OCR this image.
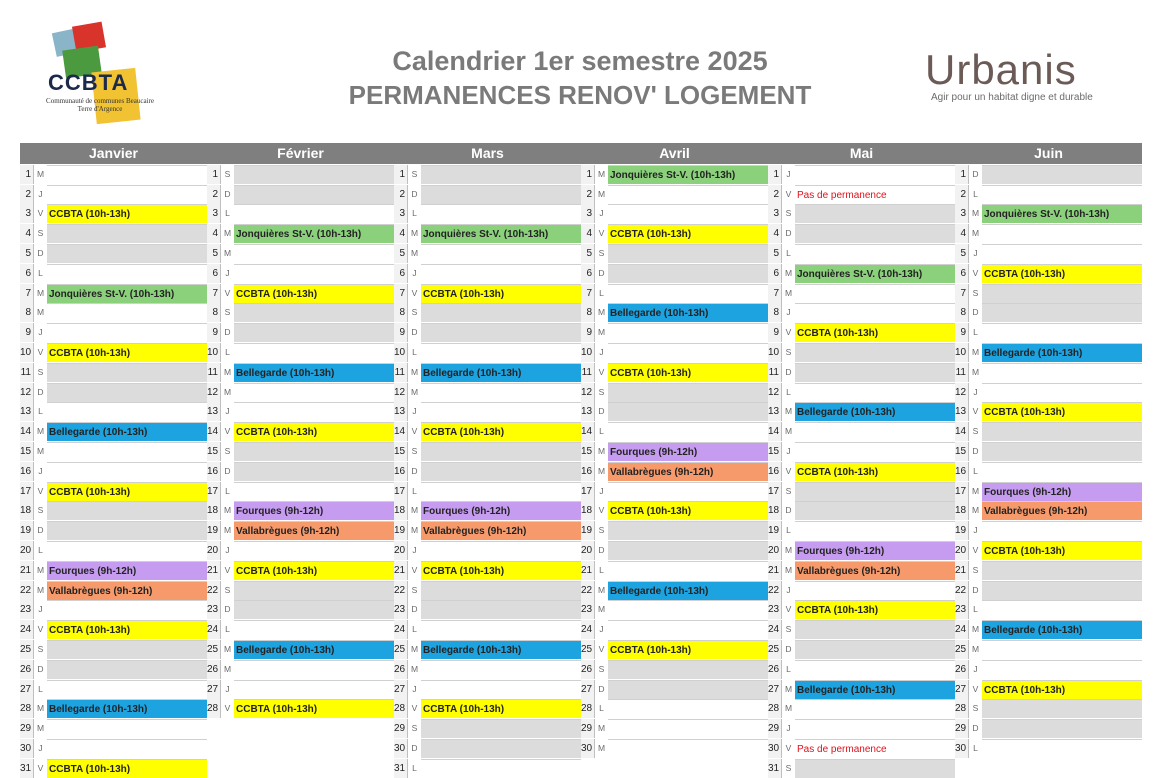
CCBTA
Communauté de communes Beaucaire Terre d'Argence
Calendrier 1er semestre 2025
PERMANENCES RENOV' LOGEMENT
Urbanis
Agir pour un habitat digne et durable
Janvier
1 M
2 J
3 V CCBTA (10h-13h)
4 S
5 D
6 L
7 M Jonquières St-V. (10h-13h)
8 M
9 J
10 V CCBTA (10h-13h)
11 S
12 D
13 L
14 M Bellegarde (10h-13h)
15 M
16 J
17 V CCBTA (10h-13h)
18 S
19 D
20 L
21 M Fourques (9h-12h)
22 M Vallabrègues (9h-12h)
23 J
24 V CCBTA (10h-13h)
25 S
26 D
27 L
28 M Bellegarde (10h-13h)
29 M
30 J
31 V CCBTA (10h-13h)
Février
1 S
2 D
3 L
4 M Jonquières St-V. (10h-13h)
5 M
6 J
7 V CCBTA (10h-13h)
8 S
9 D
10 L
11 M Bellegarde (10h-13h)
12 M
13 J
14 V CCBTA (10h-13h)
15 S
16 D
17 L
18 M Fourques (9h-12h)
19 M Vallabrègues (9h-12h)
20 J
21 V CCBTA (10h-13h)
22 S
23 D
24 L
25 M Bellegarde (10h-13h)
26 M
27 J
28 V CCBTA (10h-13h)
Mars
1 S
2 D
3 L
4 M Jonquières St-V. (10h-13h)
5 M
6 J
7 V CCBTA (10h-13h)
8 S
9 D
10 L
11 M Bellegarde (10h-13h)
12 M
13 J
14 V CCBTA (10h-13h)
15 S
16 D
17 L
18 M Fourques (9h-12h)
19 M Vallabrègues (9h-12h)
20 J
21 V CCBTA (10h-13h)
22 S
23 D
24 L
25 M Bellegarde (10h-13h)
26 M
27 J
28 V CCBTA (10h-13h)
29 S
30 D
31 L
Avril
1 M Jonquières St-V. (10h-13h)
2 M
3 J
4 V CCBTA (10h-13h)
5 S
6 D
7 L
8 M Bellegarde (10h-13h)
9 M
10 J
11 V CCBTA (10h-13h)
12 S
13 D
14 L
15 M Fourques (9h-12h)
16 M Vallabrègues (9h-12h)
17 J
18 V CCBTA (10h-13h)
19 S
20 D
21 L
22 M Bellegarde (10h-13h)
23 M
24 J
25 V CCBTA (10h-13h)
26 S
27 D
28 L
29 M
30 M
Mai
1 J
2 V Pas de permanence
3 S
4 D
5 L
6 M Jonquières St-V. (10h-13h)
7 M
8 J
9 V CCBTA (10h-13h)
10 S
11 D
12 L
13 M Bellegarde (10h-13h)
14 M
15 J
16 V CCBTA (10h-13h)
17 S
18 D
19 L
20 M Fourques (9h-12h)
21 M Vallabrègues (9h-12h)
22 J
23 V CCBTA (10h-13h)
24 S
25 D
26 L
27 M Bellegarde (10h-13h)
28 M
29 J
30 V Pas de permanence
31 S
Juin
1 D
2 L
3 M Jonquières St-V. (10h-13h)
4 M
5 J
6 V CCBTA (10h-13h)
7 S
8 D
9 L
10 M Bellegarde (10h-13h)
11 M
12 J
13 V CCBTA (10h-13h)
14 S
15 D
16 L
17 M Fourques (9h-12h)
18 M Vallabrègues (9h-12h)
19 J
20 V CCBTA (10h-13h)
21 S
22 D
23 L
24 M Bellegarde (10h-13h)
25 M
26 J
27 V CCBTA (10h-13h)
28 S
29 D
30 L
